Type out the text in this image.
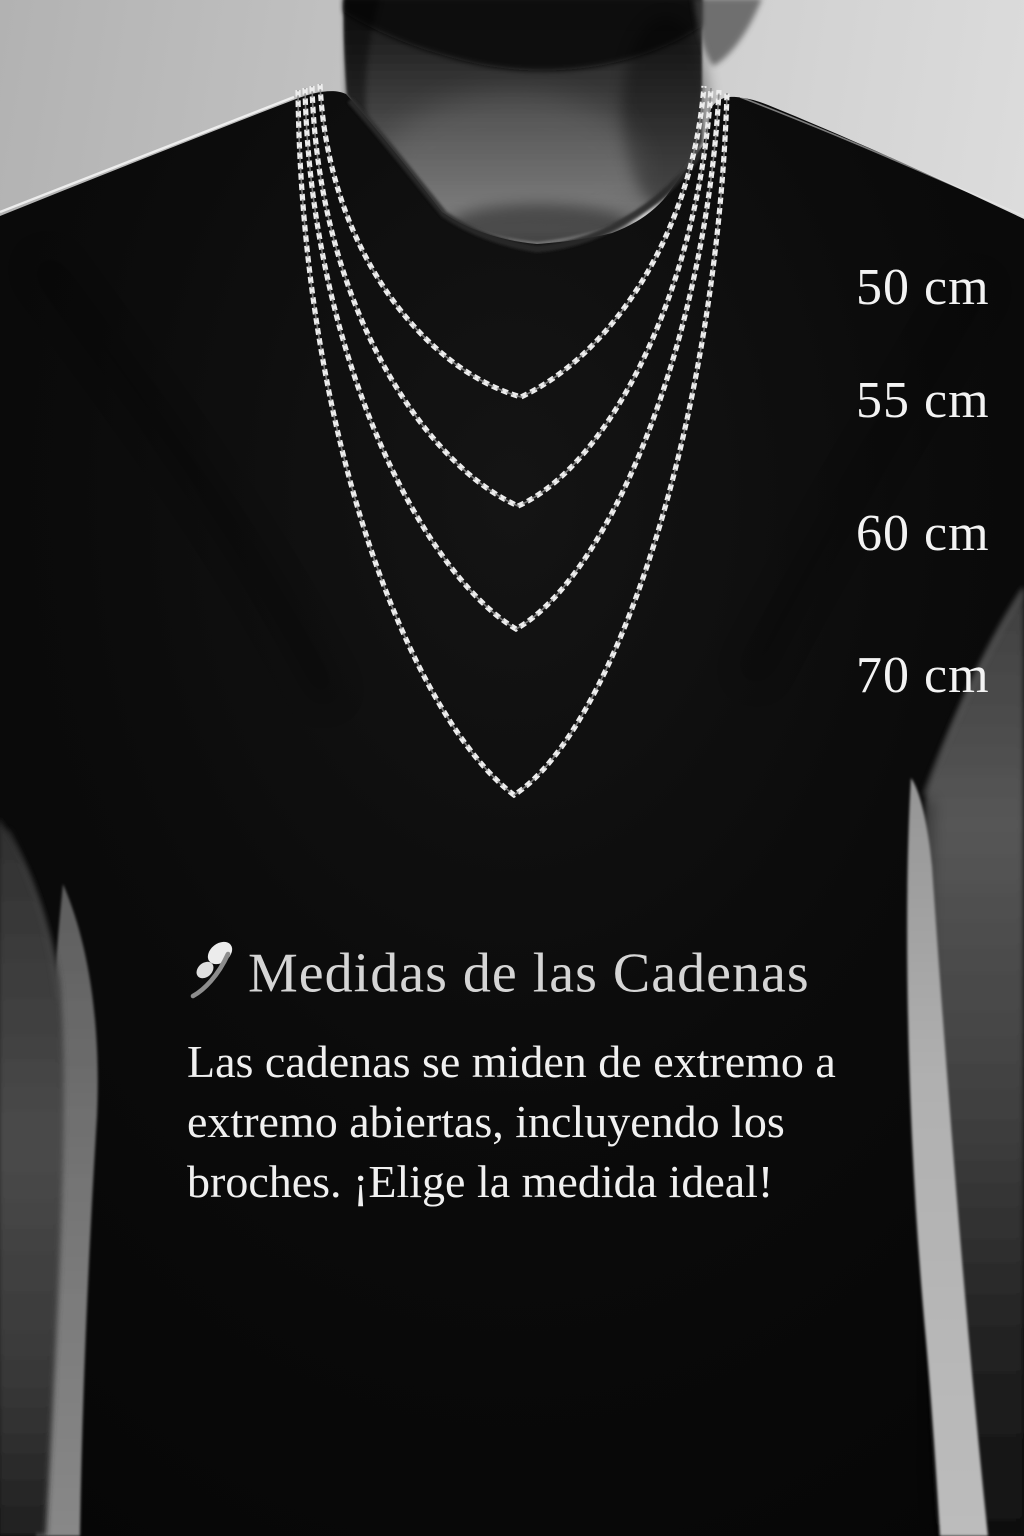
50 cm
55 cm
60 cm
70 cm
Medidas de las Cadenas
Las cadenas se miden de extremo a
extremo abiertas, incluyendo los
broches. ¡Elige la medida ideal!
